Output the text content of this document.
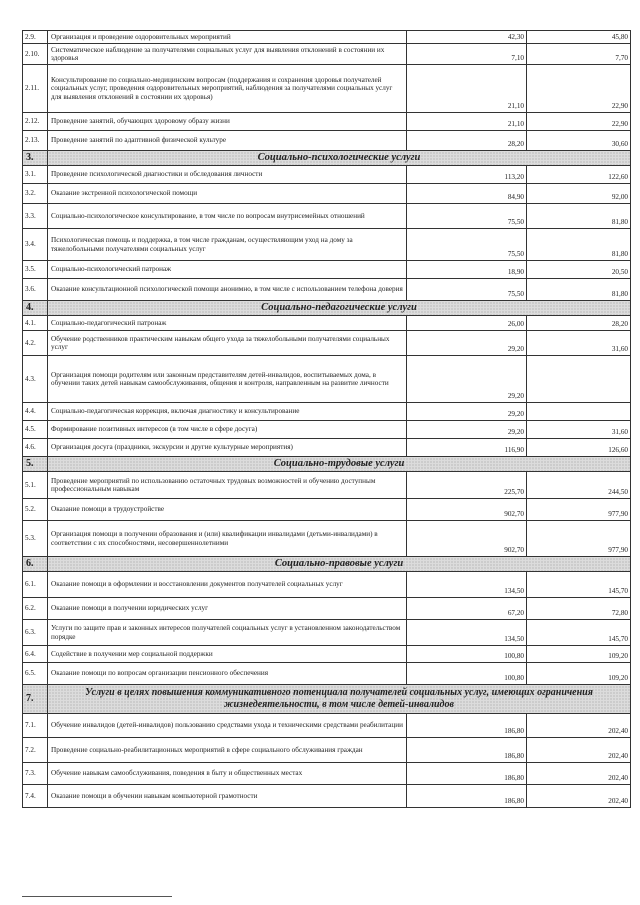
2.9.	Организация и проведение оздоровительных мероприятий	42,30	45,80
2.10.	Систематическое наблюдение за получателями социальных услуг для выявления отклонений в состоянии их здоровья	7,10	7,70
2.11.	Консультирование по социально-медицинским вопросам (поддержания и сохранения здоровья получателей социальных услуг, проведения оздоровительных мероприятий, наблюдения за получателями социальных услуг для выявления отклонений в состоянии их здоровья)	21,10	22,90
2.12.	Проведение занятий, обучающих здоровому образу жизни	21,10	22,90
2.13.	Проведение занятий по адаптивной физической культуре	28,20	30,60
3.	Социально-психологические услуги		
3.1.	Проведение психологической диагностики и обследования личности	113,20	122,60
3.2.	Оказание экстренной психологической помощи	84,90	92,00
3.3.	Социально-психологическое консультирование, в том числе по вопросам внутрисемейных отношений	75,50	81,80
3.4.	Психологическая помощь и поддержка, в том числе гражданам, осуществляющим уход на дому за тяжелобольными получателями социальных услуг	75,50	81,80
3.5.	Социально-психологический патронаж	18,90	20,50
3.6.	Оказание консультационной психологической помощи анонимно, в том числе с использованием телефона доверия	75,50	81,80
4.	Социально-педагогические услуги		
4.1.	Социально-педагогический патронаж	26,00	28,20
4.2.	Обучение родственников практическим навыкам общего ухода за тяжелобольными получателями социальных услуг	29,20	31,60
4.3.	Организация помощи родителям или законным представителям детей-инвалидов, воспитываемых дома, в обучении таких детей навыкам самообслуживания, общения и контроля, направленным на развитие личности	29,20	
4.4.	Социально-педагогическая коррекция, включая диагностику и консультирование	29,20	
4.5.	Формирование позитивных интересов (в том числе в сфере досуга)	29,20	31,60
4.6.	Организация досуга (праздники, экскурсии и другие культурные мероприятия)	116,90	126,60
5.	Социально-трудовые услуги		
5.1.	Проведение мероприятий по использованию остаточных трудовых возможностей и обучению доступным профессиональным навыкам	225,70	244,50
5.2.	Оказание помощи в трудоустройстве	902,70	977,90
5.3.	Организация помощи в получении образования и (или) квалификации инвалидами (детьми-инвалидами) в соответствии с их способностями, несовершеннолетними	902,70	977,90
6.	Социально-правовые услуги		
6.1.	Оказание помощи в оформлении и восстановлении документов получателей социальных услуг	134,50	145,70
6.2.	Оказание помощи в получении юридических услуг	67,20	72,80
6.3.	Услуги по защите прав и законных интересов получателей социальных услуг в установленном законодательством порядке	134,50	145,70
6.4.	Содействие в получении мер социальной поддержки	100,80	109,20
6.5.	Оказание помощи по вопросам организации пенсионного обеспечения	100,80	109,20
7.	Услуги в целях повышения коммуникативного потенциала получателей социальных услуг, имеющих ограничения жизнедеятельности, в том числе детей-инвалидов		
7.1.	Обучение инвалидов (детей-инвалидов) пользованию средствами ухода и техническими средствами реабилитации	186,80	202,40
7.2.	Проведение социально-реабилитационных мероприятий в сфере социального обслуживания граждан	186,80	202,40
7.3.	Обучение навыкам самообслуживания, поведения в быту и общественных местах	186,80	202,40
7.4.	Оказание помощи в обучении навыкам компьютерной грамотности	186,80	202,40
